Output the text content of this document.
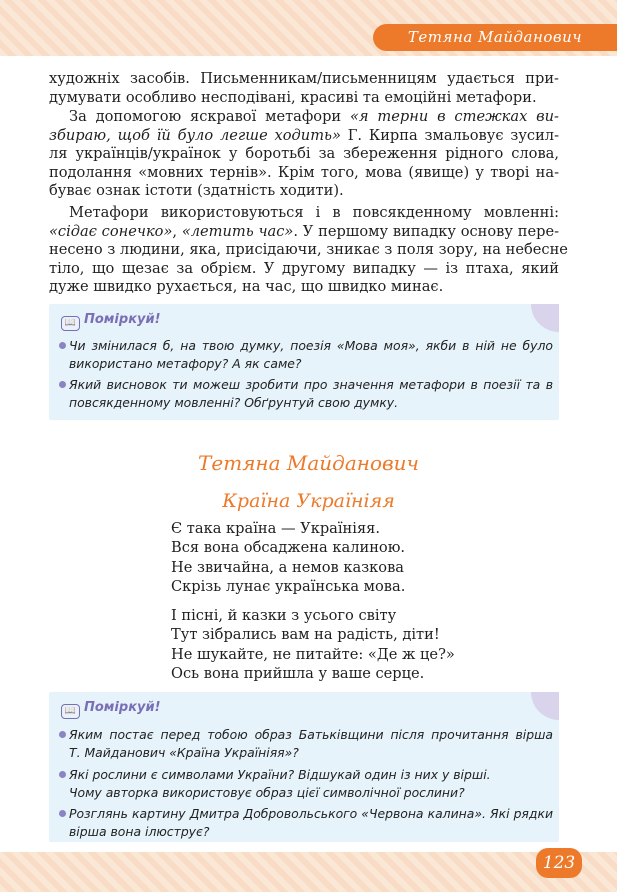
Тетяна Майданович
художніх засобів. Письменникам/письменницям удається при-
думувати особливо несподівані, красиві та емоційні метафори.
За допомогою яскравої метафори «я терни в стежках ви-
збираю, щоб їй було легше ходить» Г. Кирпа змальовує зусил-
ля українців/українок у боротьбі за збереження рідного слова,
подолання «мовних тернів». Крім того, мова (явище) у творі на-
буває ознак істоти (здатність ходити).
Метафори використовуються і в повсякденному мовленні:
«сідає сонечко», «летить час». У першому випадку основу пере-
несено з людини, яка, присідаючи, зникає з поля зору, на небесне
тіло, що щезає за обрієм. У другому випадку — із птаха, який
дуже швидко рухається, на час, що швидко минає.
📖 Поміркуй!
Чи змінилася б, на твою думку, поезія «Мова моя», якби в ній не було
використано метафору? А як саме?
Який висновок ти можеш зробити про значення метафори в поезії та в
повсякденному мовленні? Обґрунтуй свою думку.
Тетяна Майданович
Країна Україніяя
Є така країна — Україніяя.
Вся вона обсаджена калиною.
Не звичайна, а немов казкова
Скрізь лунає українська мова.
І пісні, й казки з усього світу
Тут зібрались вам на радість, діти!
Не шукайте, не питайте: «Де ж це?»
Ось вона прийшла у ваше серце.
📖 Поміркуй!
Яким постає перед тобою образ Батьківщини після прочитання вірша
Т. Майданович «Країна Україніяя»?
Які рослини є символами України? Відшукай один із них у вірші.
Чому авторка використовує образ цієї символічної рослини?
Розглянь картину Дмитра Добровольського «Червона калина». Які рядки
вірша вона ілюструє?
123
